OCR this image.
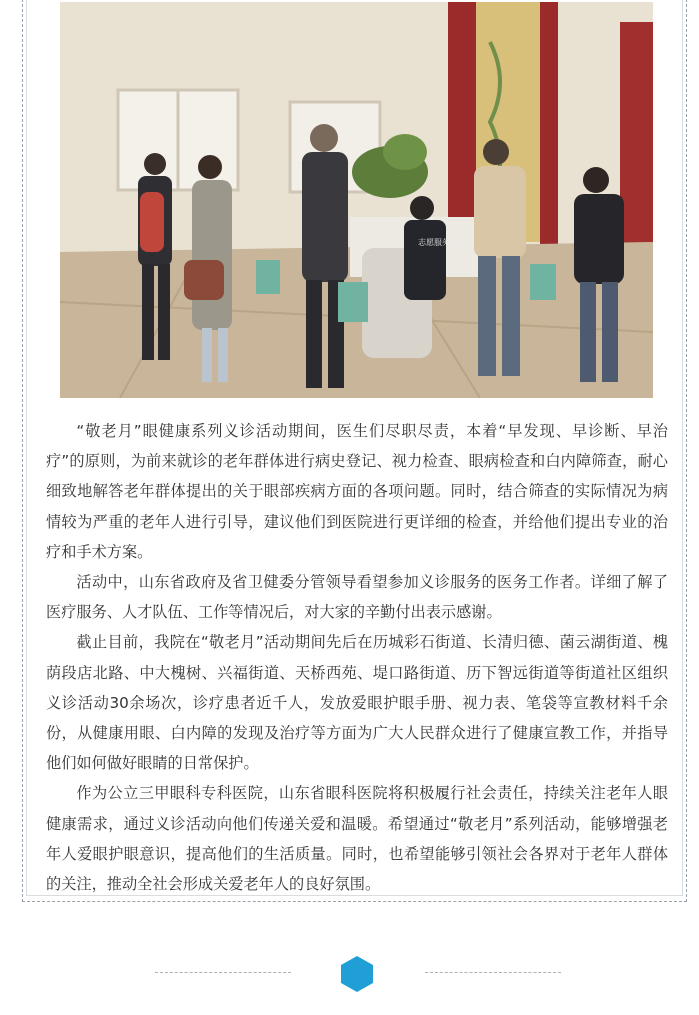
志愿服务

“敬老月”眼健康系列义诊活动期间，医生们尽职尽责，本着“早发现、早诊断、早治疗”的原则，为前来就诊的老年群体进行病史登记、视力检查、眼病检查和白内障筛查，耐心细致地解答老年群体提出的关于眼部疾病方面的各项问题。同时，结合筛查的实际情况为病情较为严重的老年人进行引导，建议他们到医院进行更详细的检查，并给他们提出专业的治疗和手术方案。

活动中，山东省政府及省卫健委分管领导看望参加义诊服务的医务工作者。详细了解了医疗服务、人才队伍、工作等情况后，对大家的辛勤付出表示感谢。

截止目前，我院在“敬老月”活动期间先后在历城彩石街道、长清归德、菌云湖街道、槐荫段店北路、中大槐树、兴福街道、天桥西苑、堤口路街道、历下智远街道等街道社区组织义诊活动30余场次，诊疗患者近千人，发放爱眼护眼手册、视力表、笔袋等宣教材料千余份，从健康用眼、白内障的发现及治疗等方面为广大人民群众进行了健康宣教工作，并指导他们如何做好眼睛的日常保护。

作为公立三甲眼科专科医院，山东省眼科医院将积极履行社会责任，持续关注老年人眼健康需求，通过义诊活动向他们传递关爱和温暖。希望通过“敬老月”系列活动，能够增强老年人爱眼护眼意识，提高他们的生活质量。同时，也希望能够引领社会各界对于老年人群体的关注，推动全社会形成关爱老年人的良好氛围。
